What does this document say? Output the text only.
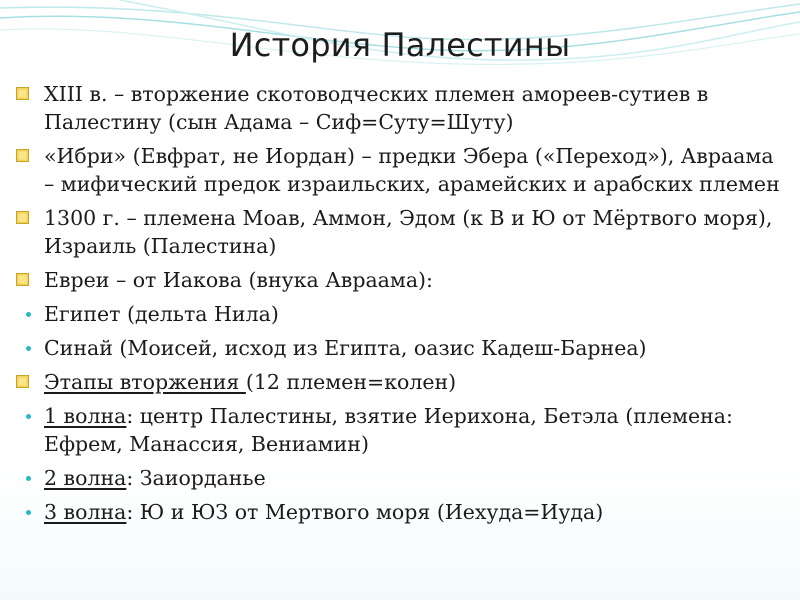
История Палестины
XIII в. – вторжение скотоводческих племен амореев-сутиев в Палестину (сын Адама – Сиф=Суту=Шуту)
«Ибри» (Евфрат, не Иордан) – предки Эбера («Переход»), Авраама – мифический предок израильских, арамейских и арабских племен
1300 г. – племена Моав, Аммон, Эдом (к В и Ю от Мёртвого моря), Израиль (Палестина)
Евреи – от Иакова (внука Авраама):
Египет (дельта Нила)
Синай (Моисей, исход из Египта, оазис Кадеш-Барнеа)
Этапы вторжения (12 племен=колен)
1 волна: центр Палестины, взятие Иерихона, Бетэла (племена: Ефрем, Манассия, Вениамин)
2 волна: Заиорданье
3 волна: Ю и ЮЗ от Мертвого моря (Иехуда=Иуда)
